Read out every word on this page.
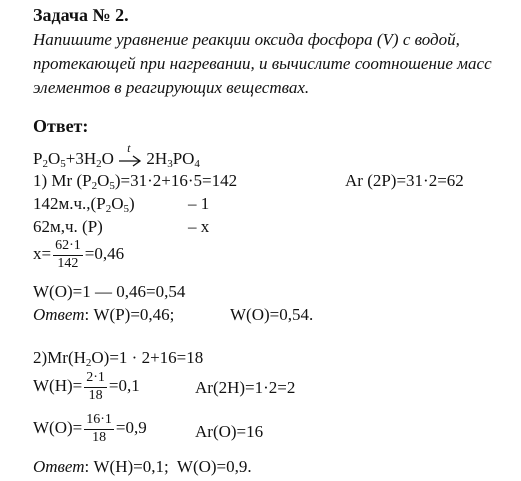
Задача № 2.
Напишите уравнение реакции оксида фосфора (V) с водой,
протекающей при нагревании, и вычислите соотношение масс
элементов в реагирующих веществах.
Ответ:
$P_2O_5+3H_2O$
t
$2H_3PO_4$
1) Mr $(P_2O_5)=31\cdot 2+16\cdot 5=142$	Ar (2P)=31·2=62
$142м.ч.,(P_2O_5)$	– 1
62м,ч. (P)	– x
$x= \frac{62\cdot 1}{142} =0,46$
W(O)=1 — 0,46=0,54
Ответ: W(P)=0,46;	W(O)=0,54.
$2)Mr(H_2O)=1 \cdot 2+16=18$
$W(H)= \frac{2\cdot 1}{18} =0,1$	Ar(2H)=1·2=2
$W(O)= \frac{16\cdot 1}{18} =0,9$	Ar(O)=16
Ответ: W(H)=0,1;  W(O)=0,9.
